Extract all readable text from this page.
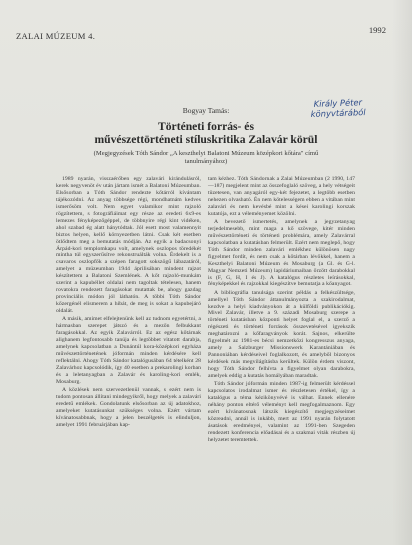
ZALAI MÚZEUM 4.
1992
Király Péter
könyvtárából
Bogyay Tamás:
Történeti forrás- és
művészettörténeti stíluskritika Zalavár körül
(Megjegyzések Tóth Sándor „A keszthelyi Balatoni Múzeum középkori kőtára" című tanulmányához)

1989 nyarán, visszaérőben egy zalavári kirándulásról, kerek negyvenöt év után jártam ismét a Balatoni Múzeumban. Elsősorban a Tóth Sándor rendezte kőtárról kívántam tájékozódni. Az anyag többsége régi, mondhatnám kedves ismerősöm volt. Nem egyet valamikor mint rajzoló rögzítettem, s fotográfiáimat egy része az eredeti 6x9-es lemezes fényképezőgéppel, de többnyire régi kint vidéken, ahol szabad ég alatt hánytódtak. Jól esett most valamennyit biztos helyen, kellő környezetben látni. Csak két esetben ötlődtem meg a bemutatás módján. Az egyik a badacsonyi Árpád-kori templomkapu volt, amelynek oszlopos töredékét mintha túl egyszerűsítve rekonstruálták volna. Érdekelt is a csavaros oszlopfők a szépen faragott sokszögű lábazatáról, amelyet a múzeumban 1944 áprilisában mindent rajzot készítettem a Balatoni Szemlének. A kőt rajzoló-munkám szerint a kapubéllet oldalai nem tagoltak tételesen, hanem rovatokra rendezett faragásokat mutattak be, ahogy gazdag provinciális módon jól láthatón. A többi Tóth Sándor kőzergénél elismerem a hibát, de meg is sokat a kapubejáró oldalát.

A másik, amimet elfelejtenünk kell az tudnom egyetértni, a hármasban szerepet játszó és a mezőn felbukkant faragásokkal. Az egyik Zalavárról. Ez az egész kőtárnak alighanem legfontosabb tanúja és legtöbbet vitatott darabja, amelynek kapcsolatban a Dunántúl kora-középkori egyháza művészettörténetének jóformán minden kérdésére kell reflektálni. Ahogy Tóth Sándor katalógusában 64 tételként 28 Zalavárhoz kapcsolódik, így 40 esetben a prekarolingi korban és a leletanyagban a Zalavár és karoling-kori emlék, Mosaburg.

A közlések nem szervezetlenül vannak, s ezért nem is tudom pontosan állítani mindegyikről, hogy melyek a zalavári eredetű emlékek. Gondolatunk elsősorban az új adatokhoz, amelyeket kutatásunkat szükséges volna. Ezért vártam kívánatosabbnak, hogy a jelen beszélgetés is elinduljon, amelyet 1991 februárjában kap-

tam kézhez. Tóth Sándornak a Zalai Múzeumban (2 1990, 147—187) megjelent mint az összefoglaló szöveg, a hely vétségeit tüzetesen, van anyagáról egy-két fejezetet, a legtöbb esetben nehezen olvasható. Én nem kötelességem ebben a vitában mint zalavári és nem kevésbé mint a kései karolingi korszak kutatója, ezt a véleményemet közölni.

A bevezető ismertetés, amelynek a jegyzetanyag terjedelmesebb, mint maga a kő szövege, kitér minden művészettörténeti és történeti problémára, amely Zalavárral kapcsolatban a kutatásban felmerült. Ezért nem meglepő, hogy Tóth Sándor minden zalavári emlékhez különösen nagy figyelmet fordít, és nem csak a kőtárban lévőkkel, hanem a Keszthelyi Balatoni Múzeum és Mosaburg (a Gl. és G-l. Magyar Nemzeti Múzeum) lapidáriumaiban őrzött darabokkal is (F, G, H, I és J). A katalógus részletes leírásokkal, fényképekkel és rajzokkal kiegészítve bemutatja a kőanyagot.

A bibliográfia tanulsága szerint példás a felkészültsége, amellyel Tóth Sándor áttanulmányozta a szakirodalmat, kezdve a helyi kiadványokon át a külföldi publikációkig. Mivel Zalavár, illetve a 9. századi Mosaburg szerepe a történeti kutatásban központi helyet foglal el, a szerző a régészeti és történeti források összevetésével igyekszik meghatározni a kőfaragványok korát. Sajnos, elkerülte figyelmét az 1981-es bécsi nemzetközi kongresszus anyaga, amely a Salzburger Missionswerk Karantániában és Pannoniában kérdéseivel foglalkozott, és amelyből bizonyos kérdések más megvilágításba kerültek. Külön érdem viszont, hogy Tóth Sándor felhívta a figyelmet olyan darabokra, amelyek eddig a kutatás homályában maradtak.

Tóth Sándor jóformán minden 1987-ig felmerült kérdéssel kapcsolatos irodalmat ismer és részletesen értékel, így a katalógus a téma kézikönyvévé is válhat. Ennek ellenére néhány ponton eltérő véleményt kell megfogalmaznom. Egy ezért kívánatosnak látszik kiegészítő megjegyzéseimet közreadni, annál is inkább, mert az 1991 nyarán folytatott ásatások eredményei, valamint az 1991-ben Szegeden rendezett konferencia előadásai és a szakmai viták részben új helyzetet teremtettek.
